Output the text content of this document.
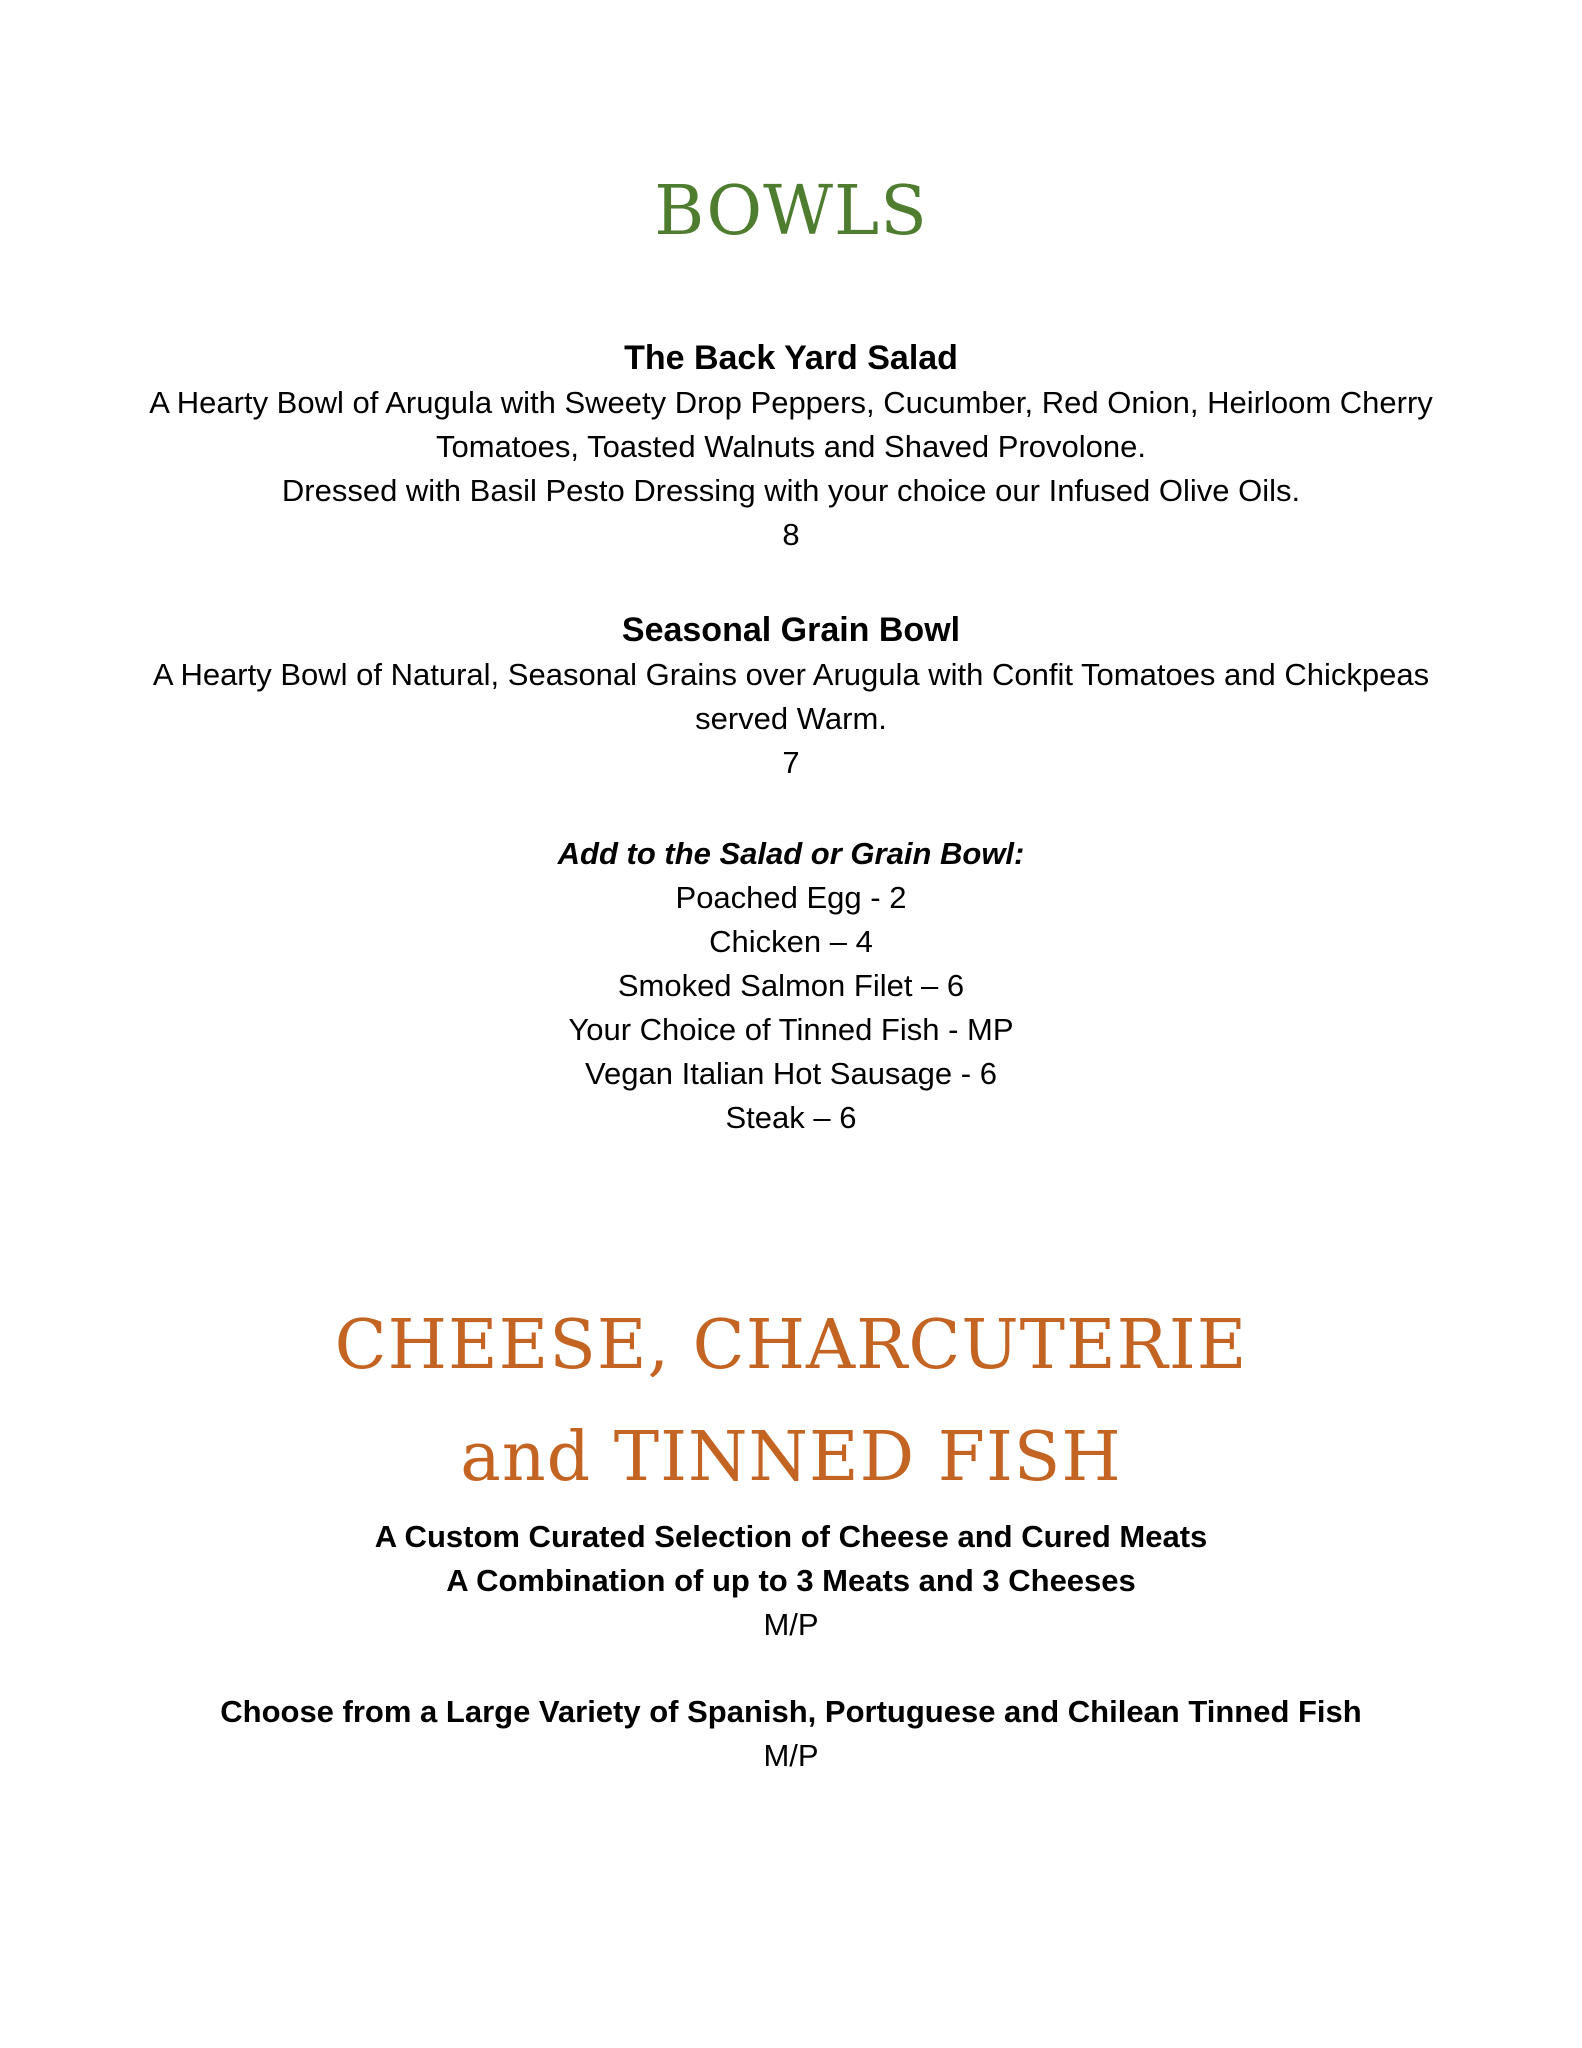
BOWLS
The Back Yard Salad
A Hearty Bowl of Arugula with Sweety Drop Peppers, Cucumber, Red Onion, Heirloom Cherry
Tomatoes, Toasted Walnuts and Shaved Provolone.
Dressed with Basil Pesto Dressing with your choice our Infused Olive Oils.
8
Seasonal Grain Bowl
A Hearty Bowl of Natural, Seasonal Grains over Arugula with Confit Tomatoes and Chickpeas
served Warm.
7
Add to the Salad or Grain Bowl:
Poached Egg - 2
Chicken – 4
Smoked Salmon Filet – 6
Your Choice of Tinned Fish - MP
Vegan Italian Hot Sausage - 6
Steak – 6
CHEESE, CHARCUTERIE
and TINNED FISH
A Custom Curated Selection of Cheese and Cured Meats
A Combination of up to 3 Meats and 3 Cheeses
M/P
Choose from a Large Variety of Spanish, Portuguese and Chilean Tinned Fish
M/P
